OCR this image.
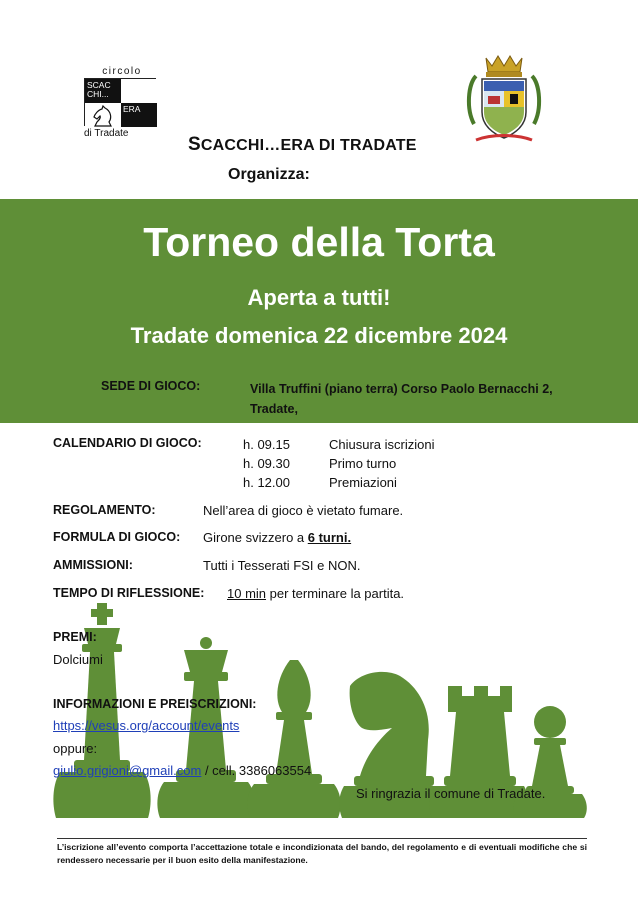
circolo
SCAC CHI...
ERA
di Tradate
SCACCHI…ERA DI TRADATE
Organizza:
Torneo della Torta
Aperta a tutti!
Tradate domenica 22 dicembre 2024
SEDE DI GIOCO:	Villa Truffini (piano terra) Corso Paolo Bernacchi 2, Tradate,
CALENDARIO DI GIOCO:	h. 09.15	Chiusura iscrizioni
h. 09.30	Primo turno
h. 12.00	Premiazioni
REGOLAMENTO:	Nell’area di gioco è vietato fumare.
FORMULA DI GIOCO: Girone svizzero a 6 turni.
AMMISSIONI:	Tutti i Tesserati FSI e NON.
TEMPO DI RIFLESSIONE: 10 min per terminare la partita.
PREMI:
Dolciumi
INFORMAZIONI E PREISCRIZIONI:
https://vesus.org/account/events
oppure:
giulio.grigioni@gmail.com / cell. 3386063554
Si ringrazia il comune di Tradate.
L’iscrizione all’evento comporta l’accettazione totale e incondizionata del bando, del regolamento e di eventuali modifiche che si rendessero necessarie per il buon esito della manifestazione.
